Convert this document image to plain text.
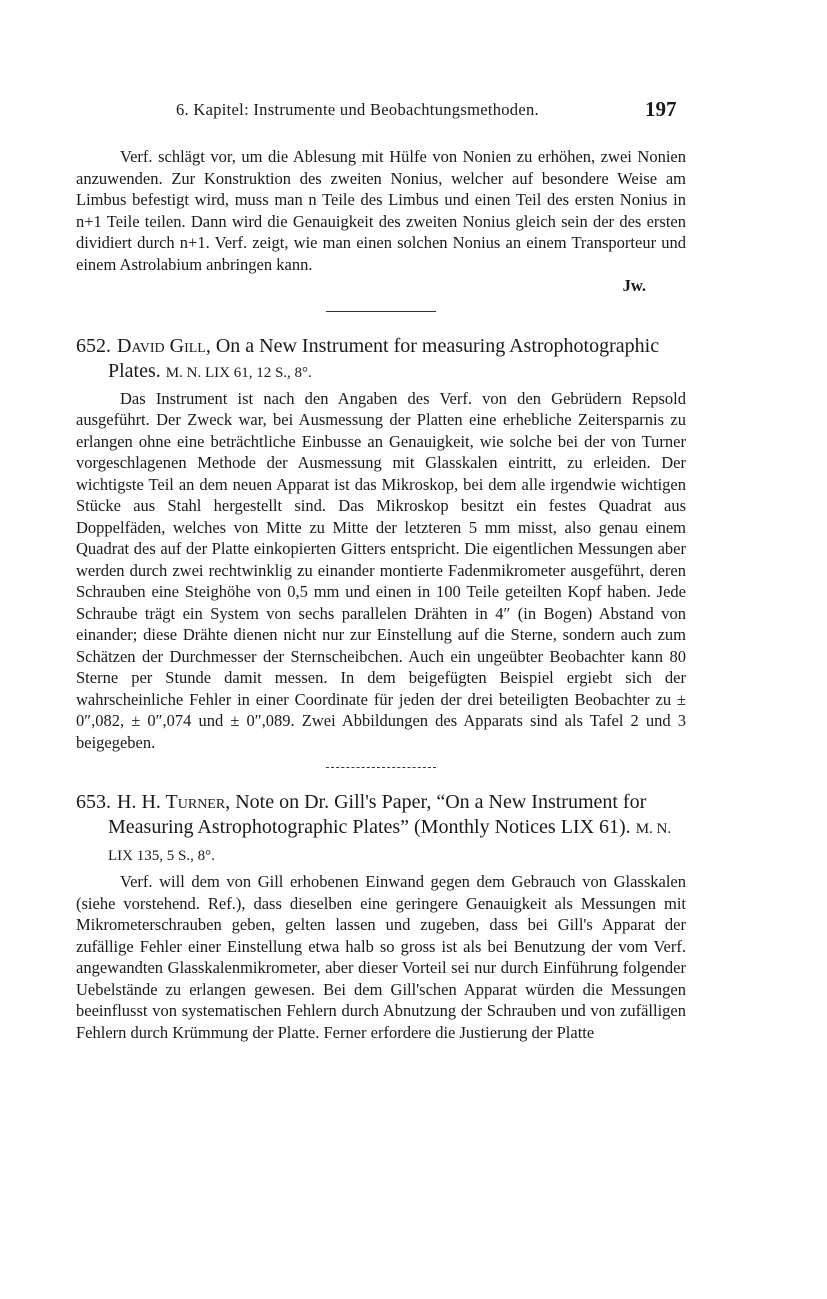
6. Kapitel: Instrumente und Beobachtungsmethoden.	197

Verf. schlägt vor, um die Ablesung mit Hülfe von Nonien zu erhöhen, zwei Nonien anzuwenden. Zur Konstruktion des zweiten Nonius, welcher auf besondere Weise am Limbus befestigt wird, muss man n Teile des Limbus und einen Teil des ersten Nonius in n+1 Teile teilen. Dann wird die Genauigkeit des zweiten Nonius gleich sein der des ersten dividiert durch n+1. Verf. zeigt, wie man einen solchen Nonius an einem Transporteur und einem Astrolabium anbringen kann.

Jw.

652. David Gill, On a New Instrument for measuring Astrophotographic Plates. M. N. LIX 61, 12 S., 8°.

Das Instrument ist nach den Angaben des Verf. von den Gebrüdern Repsold ausgeführt. Der Zweck war, bei Ausmessung der Platten eine erhebliche Zeitersparnis zu erlangen ohne eine beträchtliche Einbusse an Genauigkeit, wie solche bei der von Turner vorgeschlagenen Methode der Ausmessung mit Glasskalen eintritt, zu erleiden. Der wichtigste Teil an dem neuen Apparat ist das Mikroskop, bei dem alle irgendwie wichtigen Stücke aus Stahl hergestellt sind. Das Mikroskop besitzt ein festes Quadrat aus Doppelfäden, welches von Mitte zu Mitte der letzteren 5 mm misst, also genau einem Quadrat des auf der Platte einkopierten Gitters entspricht. Die eigentlichen Messungen aber werden durch zwei rechtwinklig zu einander montierte Fadenmikrometer ausgeführt, deren Schrauben eine Steighöhe von 0,5 mm und einen in 100 Teile geteilten Kopf haben. Jede Schraube trägt ein System von sechs parallelen Drähten in 4″ (in Bogen) Abstand von einander; diese Drähte dienen nicht nur zur Einstellung auf die Sterne, sondern auch zum Schätzen der Durchmesser der Sternscheibchen. Auch ein ungeübter Beobachter kann 80 Sterne per Stunde damit messen. In dem beigefügten Beispiel ergiebt sich der wahrscheinliche Fehler in einer Coordinate für jeden der drei beteiligten Beobachter zu ± 0″,082, ± 0″,074 und ± 0″,089. Zwei Abbildungen des Apparats sind als Tafel 2 und 3 beigegeben.

653. H. H. Turner, Note on Dr. Gill's Paper, “On a New Instrument for Measuring Astrophotographic Plates” (Monthly Notices LIX 61). M. N. LIX 135, 5 S., 8°.

Verf. will dem von Gill erhobenen Einwand gegen dem Gebrauch von Glasskalen (siehe vorstehend. Ref.), dass dieselben eine geringere Genauigkeit als Messungen mit Mikrometerschrauben geben, gelten lassen und zugeben, dass bei Gill's Apparat der zufällige Fehler einer Einstellung etwa halb so gross ist als bei Benutzung der vom Verf. angewandten Glasskalenmikrometer, aber dieser Vorteil sei nur durch Einführung folgender Uebelstände zu erlangen gewesen. Bei dem Gill'schen Apparat würden die Messungen beeinflusst von systematischen Fehlern durch Abnutzung der Schrauben und von zufälligen Fehlern durch Krümmung der Platte. Ferner erfordere die Justierung der Platte
